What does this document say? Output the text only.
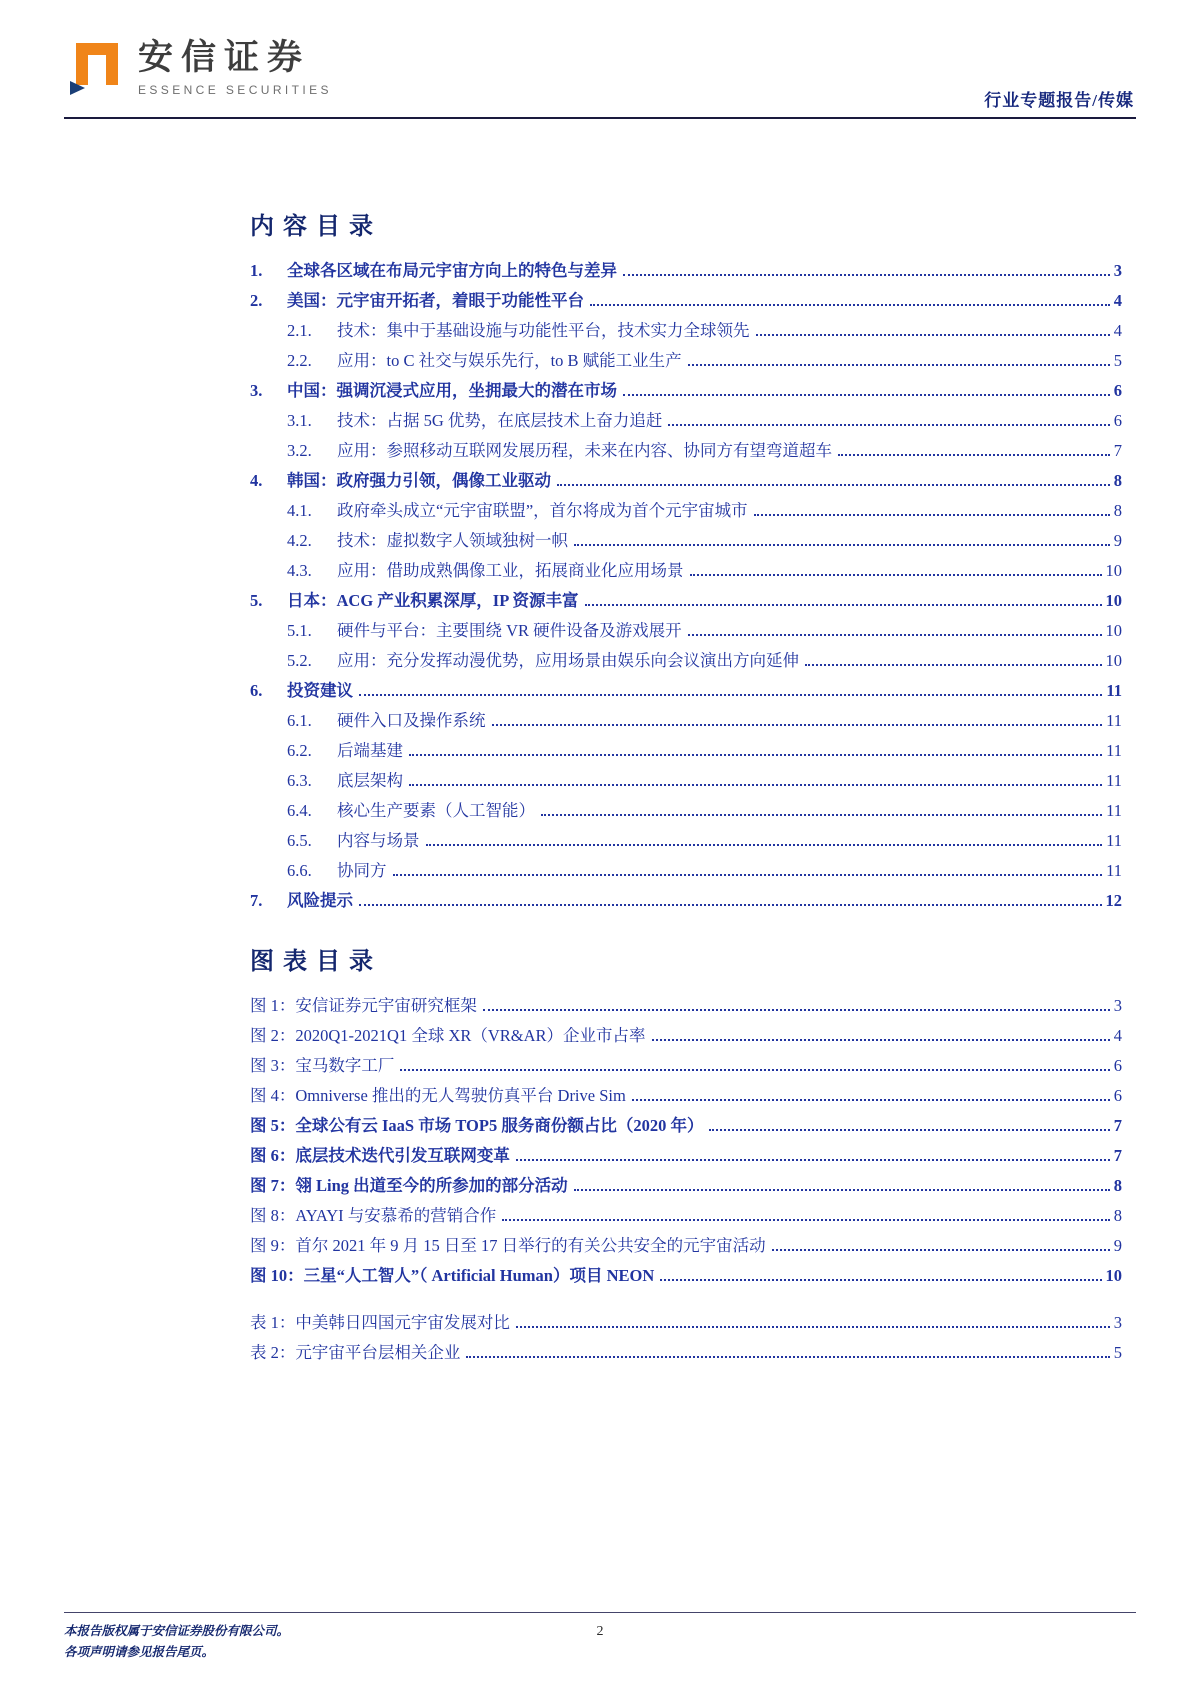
安信证券
ESSENCE SECURITIES
行业专题报告/传媒
内容目录
1. 全球各区域在布局元宇宙方向上的特色与差异	3
2. 美国：元宇宙开拓者，着眼于功能性平台	4
2.1. 技术：集中于基础设施与功能性平台，技术实力全球领先	4
2.2. 应用：to C 社交与娱乐先行，to B 赋能工业生产	5
3. 中国：强调沉浸式应用，坐拥最大的潜在市场	6
3.1. 技术：占据 5G 优势，在底层技术上奋力追赶	6
3.2. 应用：参照移动互联网发展历程，未来在内容、协同方有望弯道超车	7
4. 韩国：政府强力引领，偶像工业驱动	8
4.1. 政府牵头成立“元宇宙联盟”，首尔将成为首个元宇宙城市	8
4.2. 技术：虚拟数字人领域独树一帜	9
4.3. 应用：借助成熟偶像工业，拓展商业化应用场景	10
5. 日本：ACG 产业积累深厚，IP 资源丰富	10
5.1. 硬件与平台：主要围绕 VR 硬件设备及游戏展开	10
5.2. 应用：充分发挥动漫优势，应用场景由娱乐向会议演出方向延伸	10
6. 投资建议	11
6.1. 硬件入口及操作系统	11
6.2. 后端基建	11
6.3. 底层架构	11
6.4. 核心生产要素（人工智能）	11
6.5. 内容与场景	11
6.6. 协同方	11
7. 风险提示	12
图表目录
图 1：安信证券元宇宙研究框架	3
图 2：2020Q1-2021Q1 全球 XR（VR&AR）企业市占率	4
图 3：宝马数字工厂	6
图 4：Omniverse 推出的无人驾驶仿真平台 Drive Sim	6
图 5：全球公有云 IaaS 市场 TOP5 服务商份额占比（2020 年）	7
图 6：底层技术迭代引发互联网变革	7
图 7：翎 Ling 出道至今的所参加的部分活动	8
图 8：AYAYI 与安慕希的营销合作	8
图 9：首尔 2021 年 9 月 15 日至 17 日举行的有关公共安全的元宇宙活动	9
图 10：三星“人工智人”（ Artificial Human）项目 NEON	10
表 1：中美韩日四国元宇宙发展对比	3
表 2：元宇宙平台层相关企业	5
本报告版权属于安信证券股份有限公司。
各项声明请参见报告尾页。
2
